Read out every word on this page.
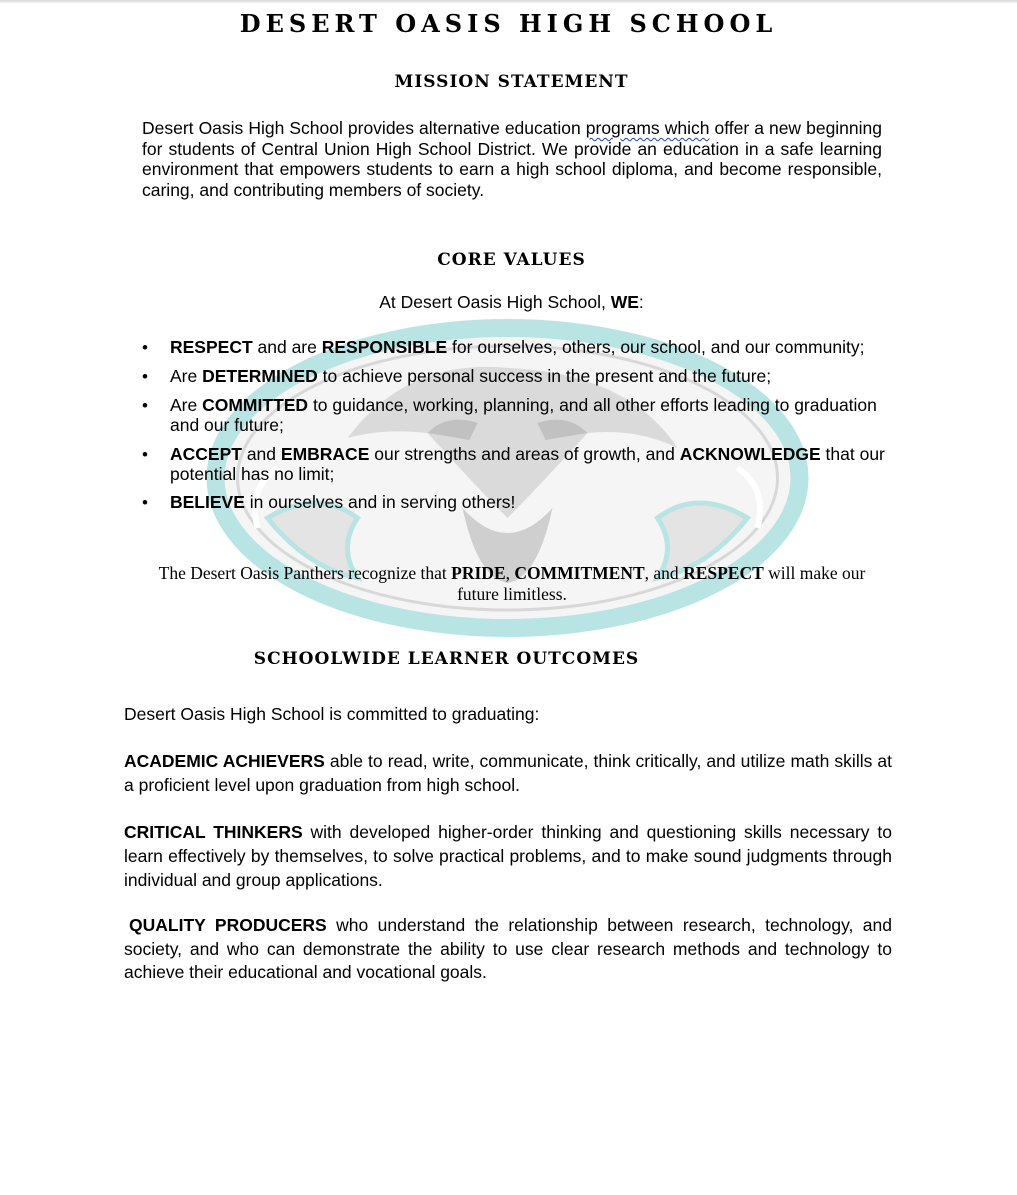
DESERT OASIS HIGH SCHOOL
MISSION STATEMENT
Desert Oasis High School provides alternative education programs which offer a new beginning for students of Central Union High School District. We provide an education in a safe learning environment that empowers students to earn a high school diploma, and become responsible, caring, and contributing members of society.
CORE VALUES
At Desert Oasis High School, WE:
• RESPECT and are RESPONSIBLE for ourselves, others, our school, and our community;
• Are DETERMINED to achieve personal success in the present and the future;
• Are COMMITTED to guidance, working, planning, and all other efforts leading to graduation and our future;
• ACCEPT and EMBRACE our strengths and areas of growth, and ACKNOWLEDGE that our potential has no limit;
• BELIEVE in ourselves and in serving others!
The Desert Oasis Panthers recognize that PRIDE, COMMITMENT, and RESPECT will make our future limitless.
SCHOOLWIDE LEARNER OUTCOMES
Desert Oasis High School is committed to graduating:
ACADEMIC ACHIEVERS able to read, write, communicate, think critically, and utilize math skills at a proficient level upon graduation from high school.
CRITICAL THINKERS with developed higher-order thinking and questioning skills necessary to learn effectively by themselves, to solve practical problems, and to make sound judgments through individual and group applications.
QUALITY PRODUCERS who understand the relationship between research, technology, and society, and who can demonstrate the ability to use clear research methods and technology to achieve their educational and vocational goals.
